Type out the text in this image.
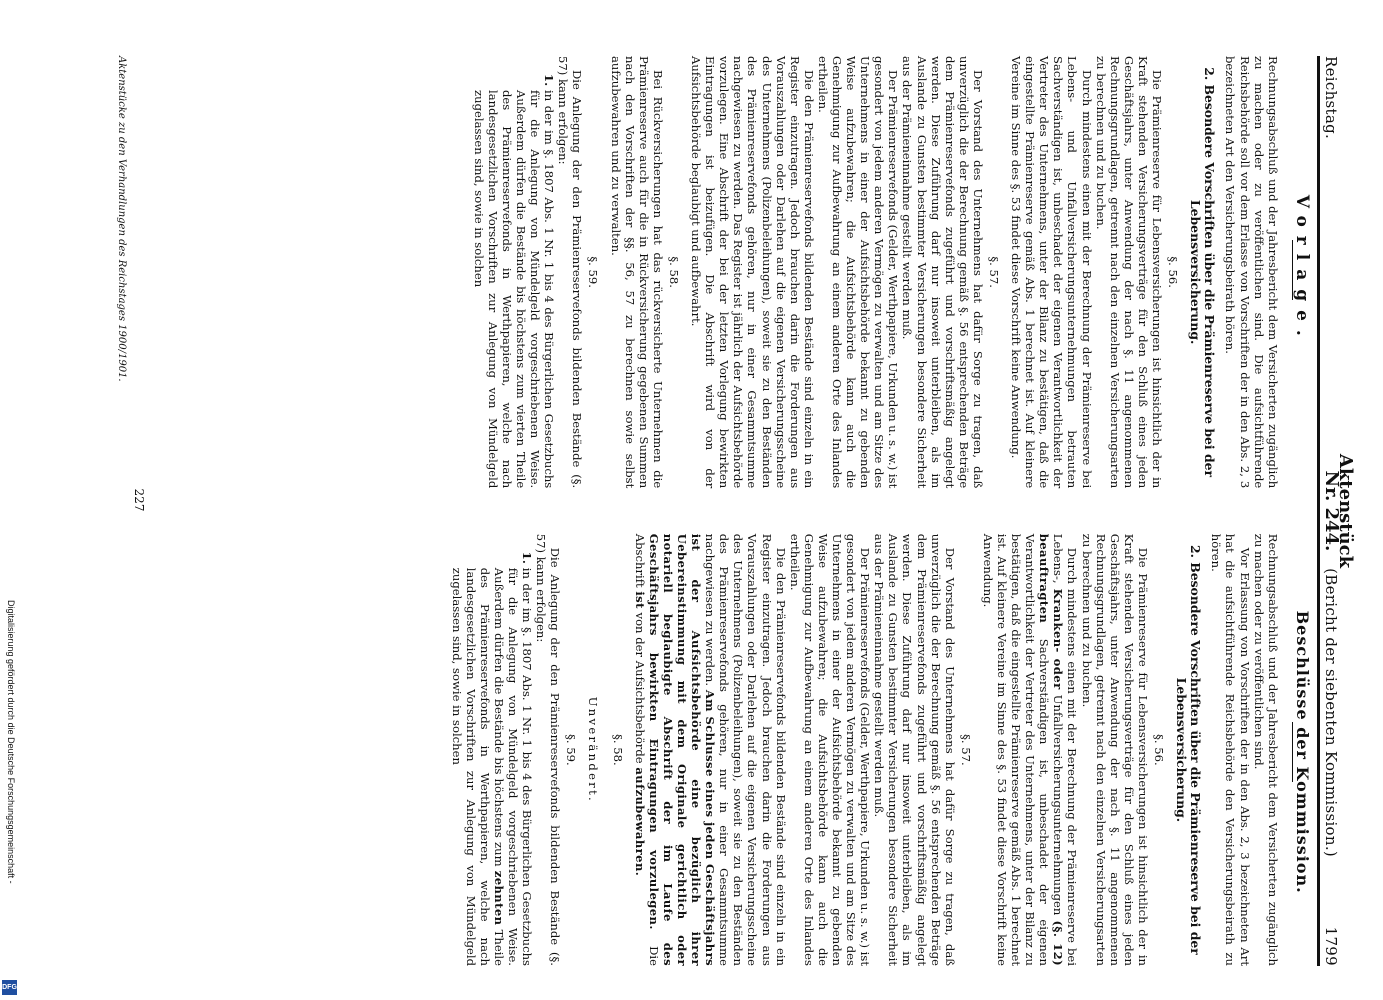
Digitalisierung gefördert durch die Deutsche Forschungsgemeinschaft -
DFG
Reichstag.
Aktenstück Nr. 244.
(Bericht der siebenten Kommission.)
1799
Vorlage.
Beschlüsse der Kommission.

Rechnungsabschluß und der Jahresbericht dem Versicherten zugänglich zu machen oder zu veröffentlichen sind. Die aufsichtführende Reichsbehörde soll vor dem Erlasse von Vorschriften der in den Abs. 2, 3 bezeichneten Art den Versicherungsbeirath hören.

2. Besondere Vorschriften über die Prämienreserve bei der Lebensversicherung.
§. 56.

Die Prämienreserve für Lebensversicherungen ist hinsichtlich der in Kraft stehenden Versicherungsverträge für den Schluß eines jeden Geschäftsjahrs, unter Anwendung der nach §. 11 angenommenen Rechnungsgrundlagen, getrennt nach den einzelnen Versicherungsarten zu berechnen und zu buchen.

Durch mindestens einen mit der Berechnung der Prämienreserve bei Lebens- und Unfallversicherungsunternehmungen betrauten Sachverständigen ist, unbeschadet der eigenen Verantwortlichkeit der Vertreter des Unternehmens, unter der Bilanz zu bestätigen, daß die eingestellte Prämienreserve gemäß Abs. 1 berechnet ist. Auf kleinere Vereine im Sinne des §. 53 findet diese Vorschrift keine Anwendung.

§. 57.

Der Vorstand des Unternehmens hat dafür Sorge zu tragen, daß unverzüglich die der Berechnung gemäß §. 56 entsprechenden Beträge dem Prämienreservefonds zugeführt und vorschriftsmäßig angelegt werden. Diese Zuführung darf nur insoweit unterbleiben, als im Auslande zu Gunsten bestimmter Versicherungen besondere Sicherheit aus der Prämieneinnahme gestellt werden muß.

Der Prämienreservefonds (Gelder, Werthpapiere, Urkunden u. s. w.) ist gesondert von jedem anderen Vermögen zu verwalten und am Sitze des Unternehmens in einer der Aufsichtsbehörde bekannt zu gebenden Weise aufzubewahren; die Aufsichtsbehörde kann auch die Genehmigung zur Aufbewahrung an einem anderen Orte des Inlandes ertheilen.

Die den Prämienreservefonds bildenden Bestände sind einzeln in ein Register einzutragen. Jedoch brauchen darin die Forderungen aus Vorauszahlungen oder Darlehen auf die eigenen Versicherungsscheine des Unternehmens (Polizenbeleihungen), soweit sie zu den Beständen des Prämienreservefonds gehören, nur in einer Gesammtsumme nachgewiesen zu werden. Das Register ist jährlich der Aufsichtsbehörde vorzulegen. Eine Abschrift der bei der letzten Vorlegung bewirkten Eintragungen ist beizufügen. Die Abschrift wird von der Aufsichtsbehörde beglaubigt und aufbewahrt.

§. 58.

Bei Rückversicherungen hat das rückversicherte Unternehmen die Prämienreserve auch für die in Rückversicherung gegebenen Summen nach den Vorschriften der §§. 56, 57 zu berechnen sowie selbst aufzubewahren und zu verwalten.

§. 59.

Die Anlegung der den Prämienreservefonds bildenden Bestände (§. 57) kann erfolgen:

1.in der im §. 1807 Abs. 1 Nr. 1 bis 4 des Bürgerlichen Gesetzbuchs für die Anlegung von Mündelgeld vorgeschriebenen Weise. Außerdem dürfen die Bestände bis höchstens zum vierten Theile des Prämienreservefonds in Werthpapieren, welche nach landesgesetzlichen Vorschriften zur Anlegung von Mündelgeld zugelassen sind, sowie in solchen

Rechnungsabschluß und der Jahresbericht dem Versicherten zugänglich zu machen oder zu veröffentlichen sind.

Vor Erlassung von Vorschriften der in den Abs. 2, 3 bezeichneten Art hat die aufsichtführende Reichsbehörde den Versicherungsbeirath zu hören.

2. Besondere Vorschriften über die Prämienreserve bei der Lebensversicherung.
§. 56.

Die Prämienreserve für Lebensversicherungen ist hinsichtlich der in Kraft stehenden Versicherungsverträge für den Schluß eines jeden Geschäftsjahrs, unter Anwendung der nach §. 11 angenommenen Rechnungsgrundlagen, getrennt nach den einzelnen Versicherungsarten zu berechnen und zu buchen.

Durch mindestens einen mit der Berechnung der Prämienreserve bei Lebens-, Kranken- oder Unfallversicherungsunternehmungen (§. 12) beauftragten Sachverständigen ist, unbeschadet der eigenen Verantwortlichkeit der Vertreter des Unternehmens, unter der Bilanz zu bestätigen, daß die eingestellte Prämienreserve gemäß Abs. 1 berechnet ist. Auf kleinere Vereine im Sinne des §. 53 findet diese Vorschrift keine Anwendung.

§. 57.

Der Vorstand des Unternehmens hat dafür Sorge zu tragen, daß unverzüglich die der Berechnung gemäß §. 56 entsprechenden Beträge dem Prämienreservefonds zugeführt und vorschriftsmäßig angelegt werden. Diese Zuführung darf nur insoweit unterbleiben, als im Auslande zu Gunsten bestimmter Versicherungen besondere Sicherheit aus der Prämieneinnahme gestellt werden muß.

Der Prämienreservefonds (Gelder, Werthpapiere, Urkunden u. s. w.) ist gesondert von jedem anderen Vermögen zu verwalten und am Sitze des Unternehmens in einer der Aufsichtsbehörde bekannt zu gebenden Weise aufzubewahren; die Aufsichtsbehörde kann auch die Genehmigung zur Aufbewahrung an einem anderen Orte des Inlandes ertheilen.

Die den Prämienreservefonds bildenden Bestände sind einzeln in ein Register einzutragen. Jedoch brauchen darin die Forderungen aus Vorauszahlungen oder Darlehen auf die eigenen Versicherungsscheine des Unternehmens (Polizenbeleihungen), soweit sie zu den Beständen des Prämienreservefonds gehören, nur in einer Gesammtsumme nachgewiesen zu werden. Am Schlusse eines jeden Geschäftsjahrs ist der Aufsichtsbehörde eine bezüglich ihrer Uebereinstimmung mit dem Originale gerichtlich oder notariell beglaubigte Abschrift der im Laufe des Geschäftsjahrs bewirkten Eintragungen vorzulegen. Die Abschrift ist von der Aufsichtsbehörde aufzubewahren.

§. 58.
Unverändert.
§. 59.

Die Anlegung der den Prämienreservefonds bildenden Bestände (§. 57) kann erfolgen:

1.in der im §. 1807 Abs. 1 Nr. 1 bis 4 des Bürgerlichen Gesetzbuchs für die Anlegung von Mündelgeld vorgeschriebenen Weise. Außerdem dürfen die Bestände bis höchstens zum zehnten Theile des Prämienreservefonds in Werthpapieren, welche nach landesgesetzlichen Vorschriften zur Anlegung von Mündelgeld zugelassen sind, sowie in solchen
227
Aktenstücke zu den Verhandlungen des Reichstages 1900/1901.
